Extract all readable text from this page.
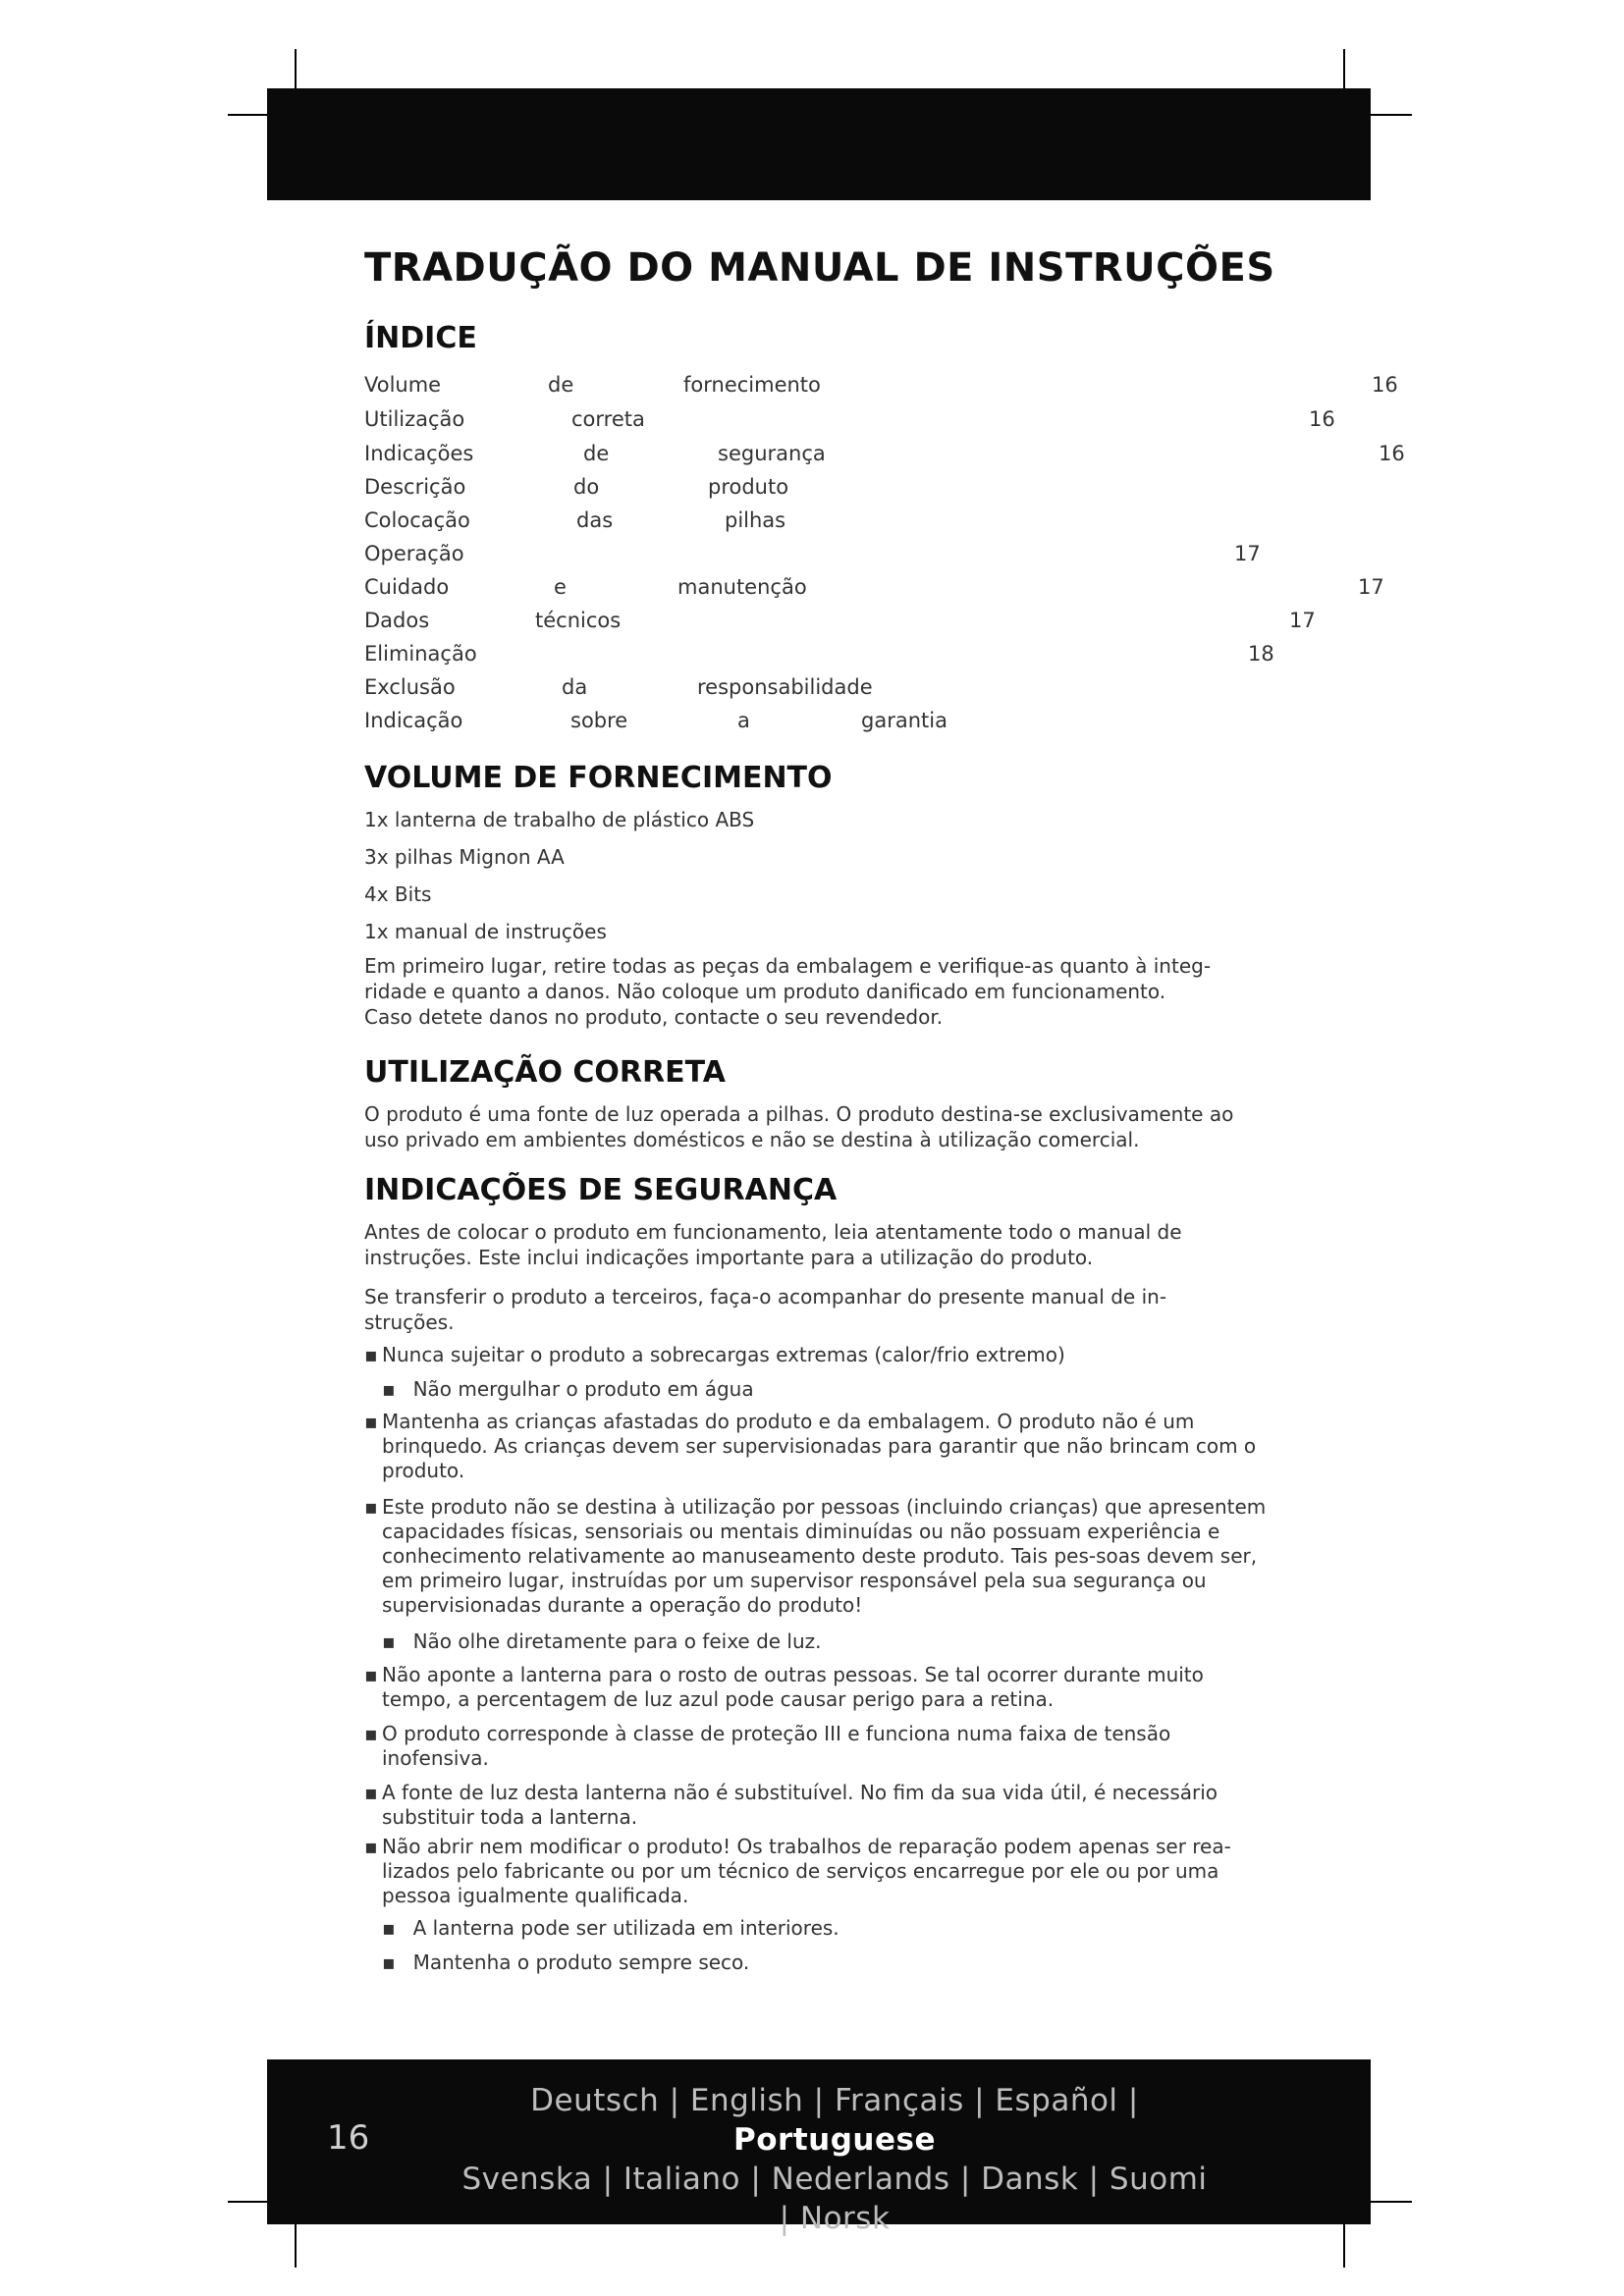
TRADUÇÃO DO MANUAL DE INSTRUÇÕES
ÍNDICE
Volume	de	fornecimento	16
Utilização	correta	16
Indicações	de	segurança	16
Descrição	do	produto
Colocação	das	pilhas
Operação	17
Cuidado	e	manutenção	17
Dados	técnicos	17
Eliminação	18
Exclusão	da	responsabilidade
Indicação	sobre	a	garantia
VOLUME DE FORNECIMENTO
1x lanterna de trabalho de plástico ABS
3x pilhas Mignon AA
4x Bits
1x manual de instruções
Em primeiro lugar, retire todas as peças da embalagem e verifique-as quanto à integ-ridade e quanto a danos. Não coloque um produto danificado em funcionamento. Caso detete danos no produto, contacte o seu revendedor.
UTILIZAÇÃO CORRETA
O produto é uma fonte de luz operada a pilhas. O produto destina-se exclusivamente ao uso privado em ambientes domésticos e não se destina à utilização comercial.
INDICAÇÕES DE SEGURANÇA
Antes de colocar o produto em funcionamento, leia atentamente todo o manual de instruções. Este inclui indicações importante para a utilização do produto.
Se transferir o produto a terceiros, faça-o acompanhar do presente manual de in-struções.
▪ Nunca sujeitar o produto a sobrecargas extremas (calor/frio extremo)
▪ Não mergulhar o produto em água
▪ Mantenha as crianças afastadas do produto e da embalagem. O produto não é um brinquedo. As crianças devem ser supervisionadas para garantir que não brincam com o produto.
▪ Este produto não se destina à utilização por pessoas (incluindo crianças) que apresentem capacidades físicas, sensoriais ou mentais diminuídas ou não possuam experiência e conhecimento relativamente ao manuseamento deste produto. Tais pes-soas devem ser, em primeiro lugar, instruídas por um supervisor responsável pela sua segurança ou supervisionadas durante a operação do produto!
▪ Não olhe diretamente para o feixe de luz.
▪ Não aponte a lanterna para o rosto de outras pessoas. Se tal ocorrer durante muito tempo, a percentagem de luz azul pode causar perigo para a retina.
▪ O produto corresponde à classe de proteção III e funciona numa faixa de tensão inofensiva.
▪ A fonte de luz desta lanterna não é substituível. No fim da sua vida útil, é necessário substituir toda a lanterna.
▪ Não abrir nem modificar o produto! Os trabalhos de reparação podem apenas ser rea-lizados pelo fabricante ou por um técnico de serviços encarregue por ele ou por uma pessoa igualmente qualificada.
▪ A lanterna pode ser utilizada em interiores.
▪ Mantenha o produto sempre seco.
16
Deutsch | English | Français | Español | Portuguese
Svenska | Italiano | Nederlands | Dansk | Suomi | Norsk
